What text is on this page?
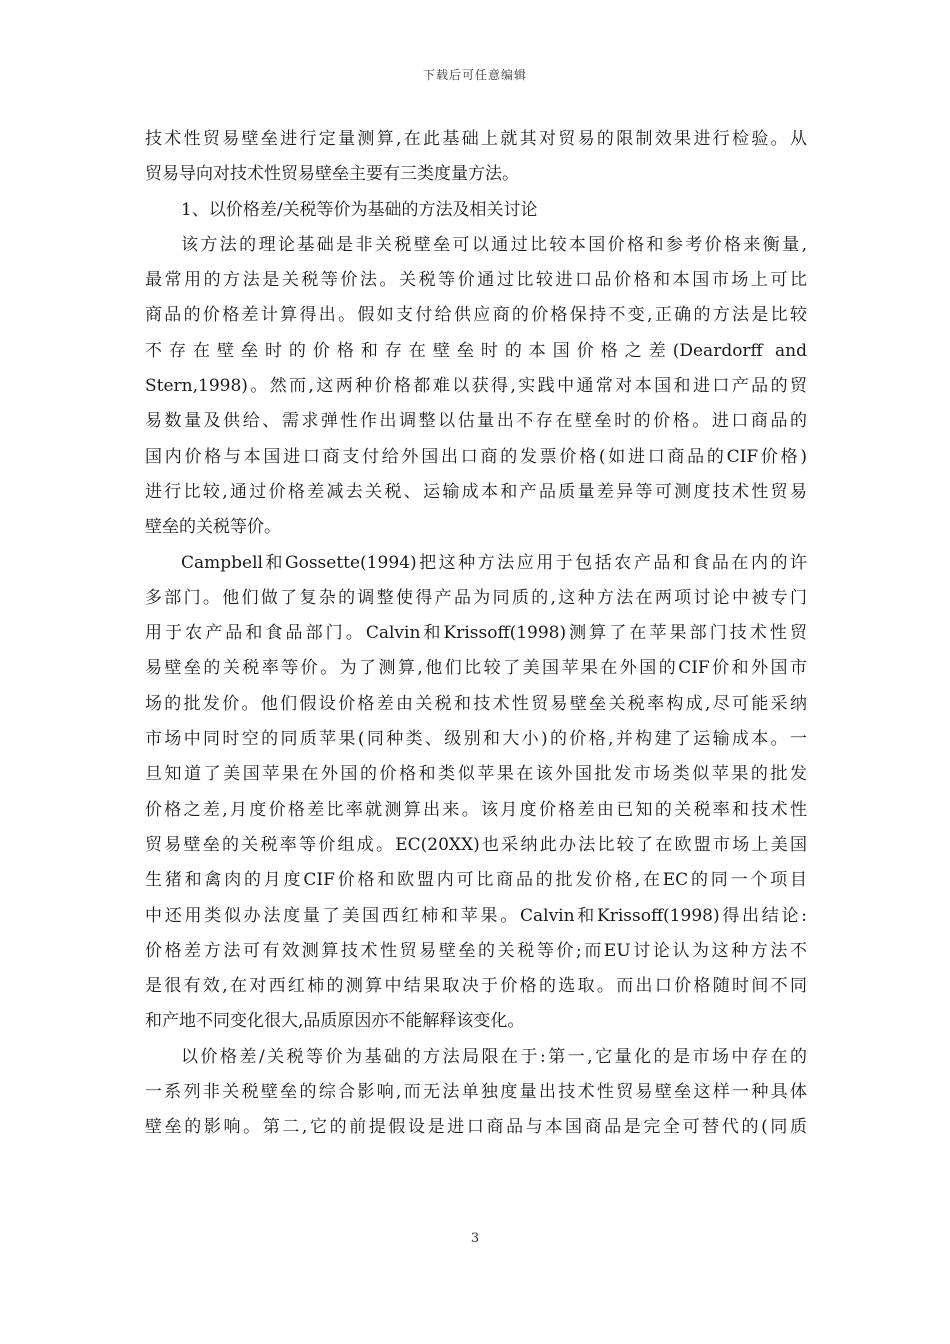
下载后可任意编辑
技术性贸易壁垒进行定量测算,在此基础上就其对贸易的限制效果进行检验。从
贸易导向对技术性贸易壁垒主要有三类度量方法。
1、以价格差/关税等价为基础的方法及相关讨论
该方法的理论基础是非关税壁垒可以通过比较本国价格和参考价格来衡量,
最常用的方法是关税等价法。关税等价通过比较进口品价格和本国市场上可比
商品的价格差计算得出。假如支付给供应商的价格保持不变,正确的方法是比较
不存在壁垒时的价格和存在壁垒时的本国价格之差(Deardorff and
Stern,1998)。然而,这两种价格都难以获得,实践中通常对本国和进口产品的贸
易数量及供给、需求弹性作出调整以估量出不存在壁垒时的价格。进口商品的
国内价格与本国进口商支付给外国出口商的发票价格(如进口商品的CIF价格)
进行比较,通过价格差减去关税、运输成本和产品质量差异等可测度技术性贸易
壁垒的关税等价。
Campbell和Gossette(1994)把这种方法应用于包括农产品和食品在内的许
多部门。他们做了复杂的调整使得产品为同质的,这种方法在两项讨论中被专门
用于农产品和食品部门。Calvin和Krissoff(1998)测算了在苹果部门技术性贸
易壁垒的关税率等价。为了测算,他们比较了美国苹果在外国的CIF价和外国市
场的批发价。他们假设价格差由关税和技术性贸易壁垒关税率构成,尽可能采纳
市场中同时空的同质苹果(同种类、级别和大小)的价格,并构建了运输成本。一
旦知道了美国苹果在外国的价格和类似苹果在该外国批发市场类似苹果的批发
价格之差,月度价格差比率就测算出来。该月度价格差由已知的关税率和技术性
贸易壁垒的关税率等价组成。EC(20XX)也采纳此办法比较了在欧盟市场上美国
生猪和禽肉的月度CIF价格和欧盟内可比商品的批发价格,在EC的同一个项目
中还用类似办法度量了美国西红柿和苹果。Calvin和Krissoff(1998)得出结论:
价格差方法可有效测算技术性贸易壁垒的关税等价;而EU讨论认为这种方法不
是很有效,在对西红柿的测算中结果取决于价格的选取。而出口价格随时间不同
和产地不同变化很大,品质原因亦不能解释该变化。
以价格差/关税等价为基础的方法局限在于:第一,它量化的是市场中存在的
一系列非关税壁垒的综合影响,而无法单独度量出技术性贸易壁垒这样一种具体
壁垒的影响。第二,它的前提假设是进口商品与本国商品是完全可替代的(同质
3
